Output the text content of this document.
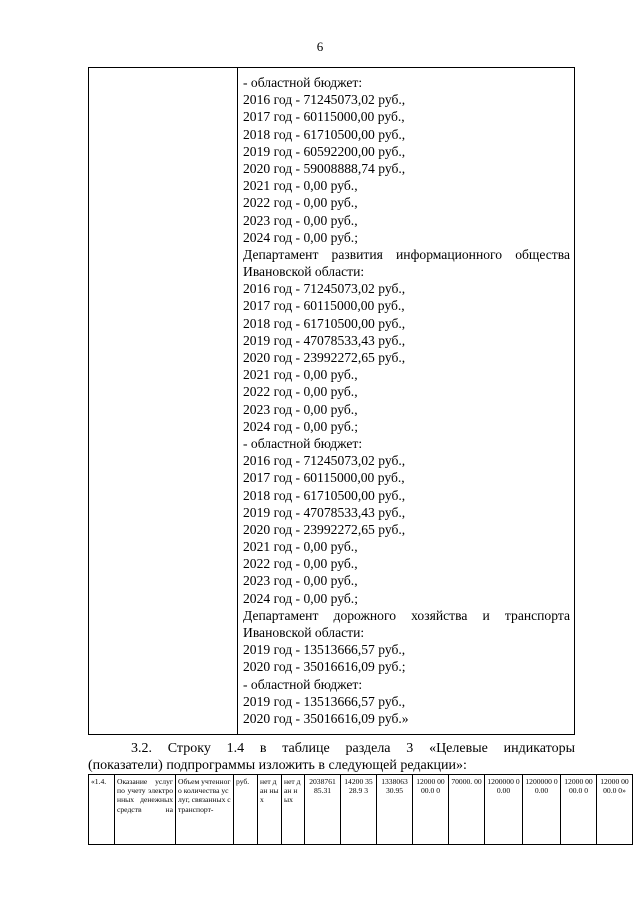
6
- областной бюджет:
2016 год - 71245073,02 руб.,
2017 год - 60115000,00 руб.,
2018 год - 61710500,00 руб.,
2019 год - 60592200,00 руб.,
2020 год - 59008888,74 руб.,
2021 год - 0,00 руб.,
2022 год - 0,00 руб.,
2023 год - 0,00 руб.,
2024 год - 0,00 руб.;
Департамент развития информационного общества
Ивановской области:
2016 год - 71245073,02 руб.,
2017 год - 60115000,00 руб.,
2018 год - 61710500,00 руб.,
2019 год - 47078533,43 руб.,
2020 год - 23992272,65 руб.,
2021 год - 0,00 руб.,
2022 год - 0,00 руб.,
2023 год - 0,00 руб.,
2024 год - 0,00 руб.;
- областной бюджет:
2016 год - 71245073,02 руб.,
2017 год - 60115000,00 руб.,
2018 год - 61710500,00 руб.,
2019 год - 47078533,43 руб.,
2020 год - 23992272,65 руб.,
2021 год - 0,00 руб.,
2022 год - 0,00 руб.,
2023 год - 0,00 руб.,
2024 год - 0,00 руб.;
Департамент дорожного хозяйства и транспорта
Ивановской области:
2019 год - 13513666,57 руб.,
2020 год - 35016616,09 руб.;
- областной бюджет:
2019 год - 13513666,57 руб.,
2020 год - 35016616,09 руб.»
3.2. Строку 1.4 в таблице раздела 3 «Целевые индикаторы
(показатели) подпрограммы изложить в следующей редакции»:
«1.4.	Оказание услуг по учету электронных денежных средств на	Объем учтенного количества услуг, связанных с транспорт-	руб.	нет дан ных	нет дан ных	2038761 85.31	14200 3528.9 3	1338063 30.95	12000 0000.0 0	70000. 00	1200000 00.00	1200000 00.00	12000 0000.0 0	12000 0000.0 0»
